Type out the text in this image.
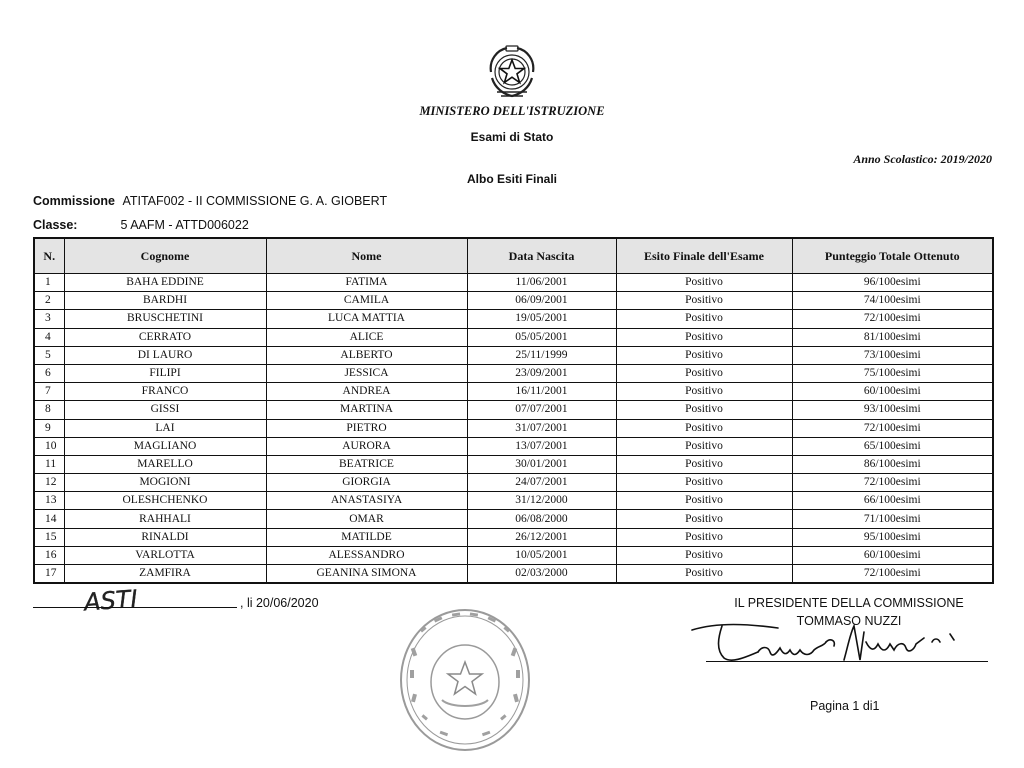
MINISTERO DELL'ISTRUZIONE
Esami di Stato
Anno Scolastico: 2019/2020
Albo Esiti Finali
Commissione ATITAF002 - II COMMISSIONE G. A. GIOBERT
Classe:	5 AAFM - ATTD006022
N.	Cognome	Nome	Data Nascita	Esito Finale dell'Esame	Punteggio Totale Ottenuto
1	BAHA EDDINE	FATIMA	11/06/2001	Positivo	96/100esimi
2	BARDHI	CAMILA	06/09/2001	Positivo	74/100esimi
3	BRUSCHETINI	LUCA MATTIA	19/05/2001	Positivo	72/100esimi
4	CERRATO	ALICE	05/05/2001	Positivo	81/100esimi
5	DI LAURO	ALBERTO	25/11/1999	Positivo	73/100esimi
6	FILIPI	JESSICA	23/09/2001	Positivo	75/100esimi
7	FRANCO	ANDREA	16/11/2001	Positivo	60/100esimi
8	GISSI	MARTINA	07/07/2001	Positivo	93/100esimi
9	LAI	PIETRO	31/07/2001	Positivo	72/100esimi
10	MAGLIANO	AURORA	13/07/2001	Positivo	65/100esimi
11	MARELLO	BEATRICE	30/01/2001	Positivo	86/100esimi
12	MOGIONI	GIORGIA	24/07/2001	Positivo	72/100esimi
13	OLESHCHENKO	ANASTASIYA	31/12/2000	Positivo	66/100esimi
14	RAHHALI	OMAR	06/08/2000	Positivo	71/100esimi
15	RINALDI	MATILDE	26/12/2001	Positivo	95/100esimi
16	VARLOTTA	ALESSANDRO	10/05/2001	Positivo	60/100esimi
17	ZAMFIRA	GEANINA SIMONA	02/03/2000	Positivo	72/100esimi
ASTI	, li 20/06/2020	IL PRESIDENTE DELLA COMMISSIONE
TOMMASO NUZZI
Pagina 1 di1
